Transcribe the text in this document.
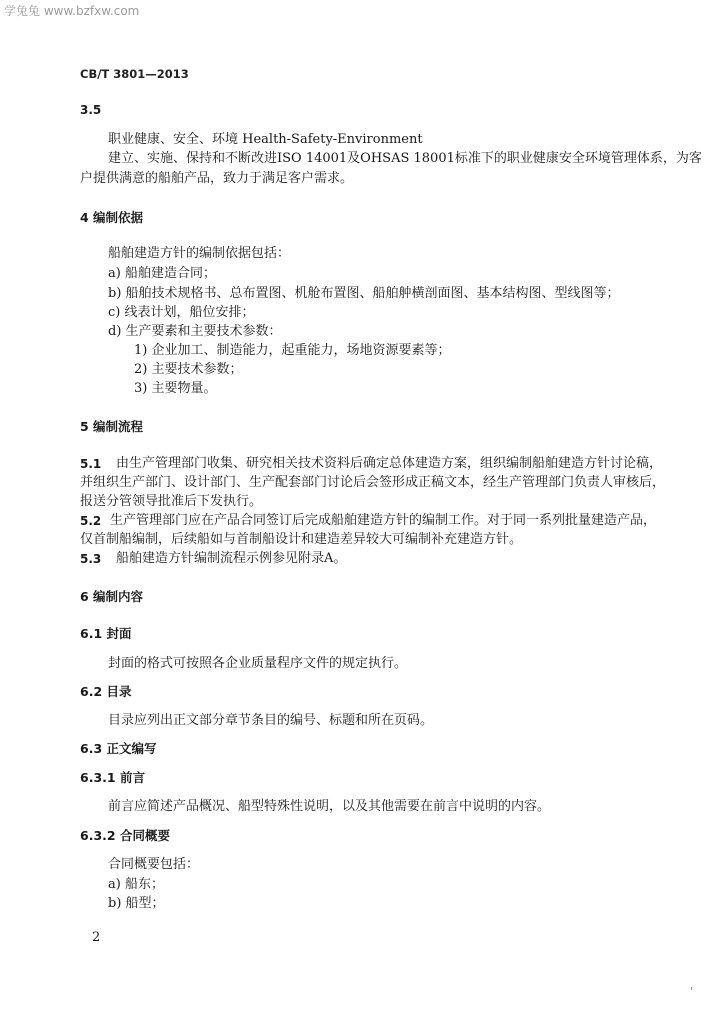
学兔兔 www.bzfxw.com
CB/T 3801—2013
3.5
职业健康、安全、环境 Health-Safety-Environment
建立、实施、保持和不断改进ISO 14001及OHSAS 18001标准下的职业健康安全环境管理体系，为客
户提供满意的船舶产品，致力于满足客户需求。
4 编制依据
船舶建造方针的编制依据包括：
a) 船舶建造合同；
b) 船舶技术规格书、总布置图、机舱布置图、船舶舯横剖面图、基本结构图、型线图等；
c) 线表计划，船位安排；
d) 生产要素和主要技术参数：
1) 企业加工、制造能力，起重能力，场地资源要素等；
2) 主要技术参数；
3) 主要物量。
5 编制流程
5.1 由生产管理部门收集、研究相关技术资料后确定总体建造方案，组织编制船舶建造方针讨论稿，
并组织生产部门、设计部门、生产配套部门讨论后会签形成正稿文本，经生产管理部门负责人审核后，
报送分管领导批准后下发执行。
5.2 生产管理部门应在产品合同签订后完成船舶建造方针的编制工作。对于同一系列批量建造产品，
仅首制船编制，后续船如与首制船设计和建造差异较大可编制补充建造方针。
5.3 船舶建造方针编制流程示例参见附录A。
6 编制内容
6.1 封面
封面的格式可按照各企业质量程序文件的规定执行。
6.2 目录
目录应列出正文部分章节条目的编号、标题和所在页码。
6.3 正文编写
6.3.1 前言
前言应简述产品概况、船型特殊性说明，以及其他需要在前言中说明的内容。
6.3.2 合同概要
合同概要包括：
a) 船东；
b) 船型；
2
'
